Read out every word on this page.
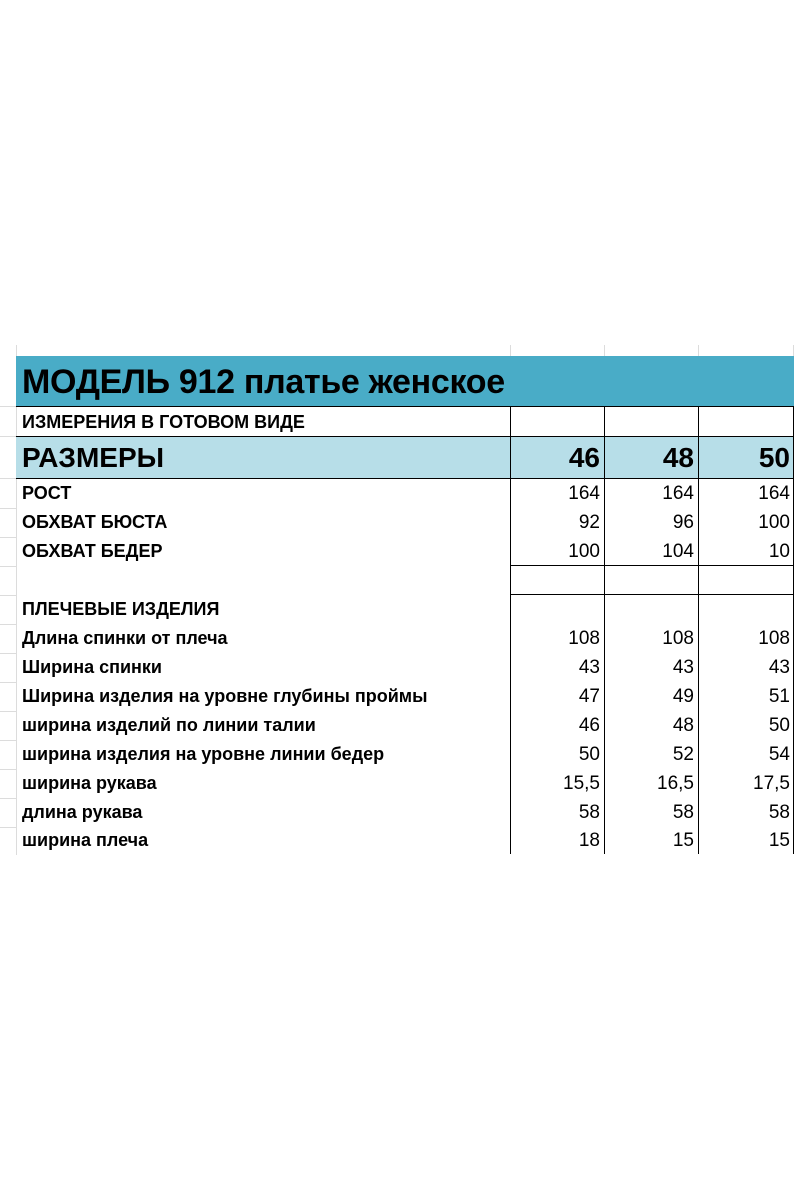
МОДЕЛЬ 912 платье женское
ИЗМЕРЕНИЯ В ГОТОВОМ ВИДЕ
РАЗМЕРЫ	46	48	50
РОСТ	164	164	164
ОБХВАТ БЮСТА	92	96	100
ОБХВАТ БЕДЕР	100	104	10
ПЛЕЧЕВЫЕ ИЗДЕЛИЯ
Длина спинки от плеча	108	108	108
Ширина спинки	43	43	43
Ширина изделия на уровне глубины проймы	47	49	51
ширина изделий по линии талии	46	48	50
ширина изделия на уровне линии бедер	50	52	54
ширина рукава	15,5	16,5	17,5
длина рукава	58	58	58
ширина плеча	18	15	15
